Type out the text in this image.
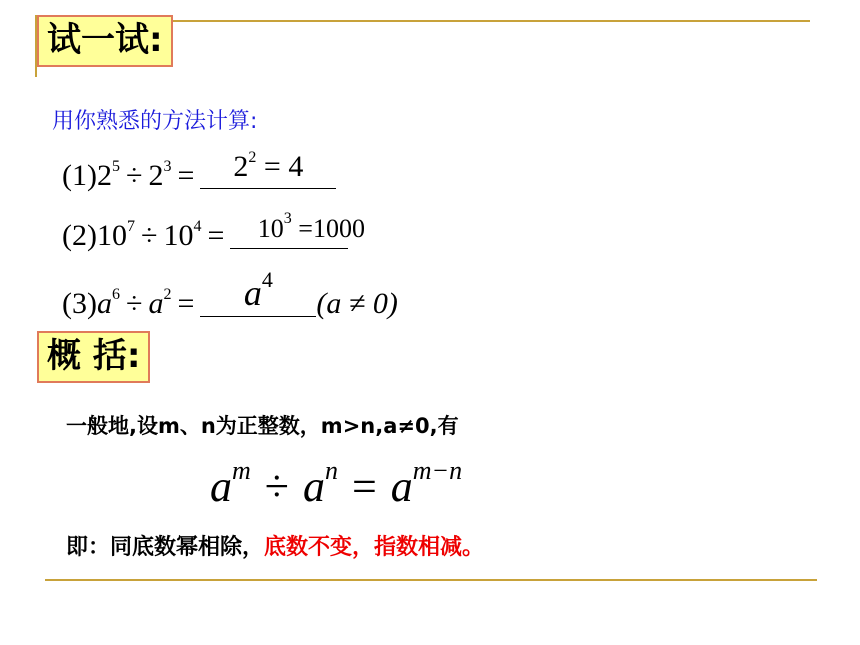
试一试:
用你熟悉的方法计算:
$(1)2^5 \div 2^3$ =	$2^2 = 4$
$(2)10^7 \div 10^4$ =	$10^3 =1000$
$(3)a^6 \div a^2$ =	$a^4$
(a ≠ 0)
概 括:
一般地,设m、n为正整数，m>n,a≠0,有
$a^m \div a^n = a^{m-n}$
即：同底数幂相除，底数不变，指数相减。
